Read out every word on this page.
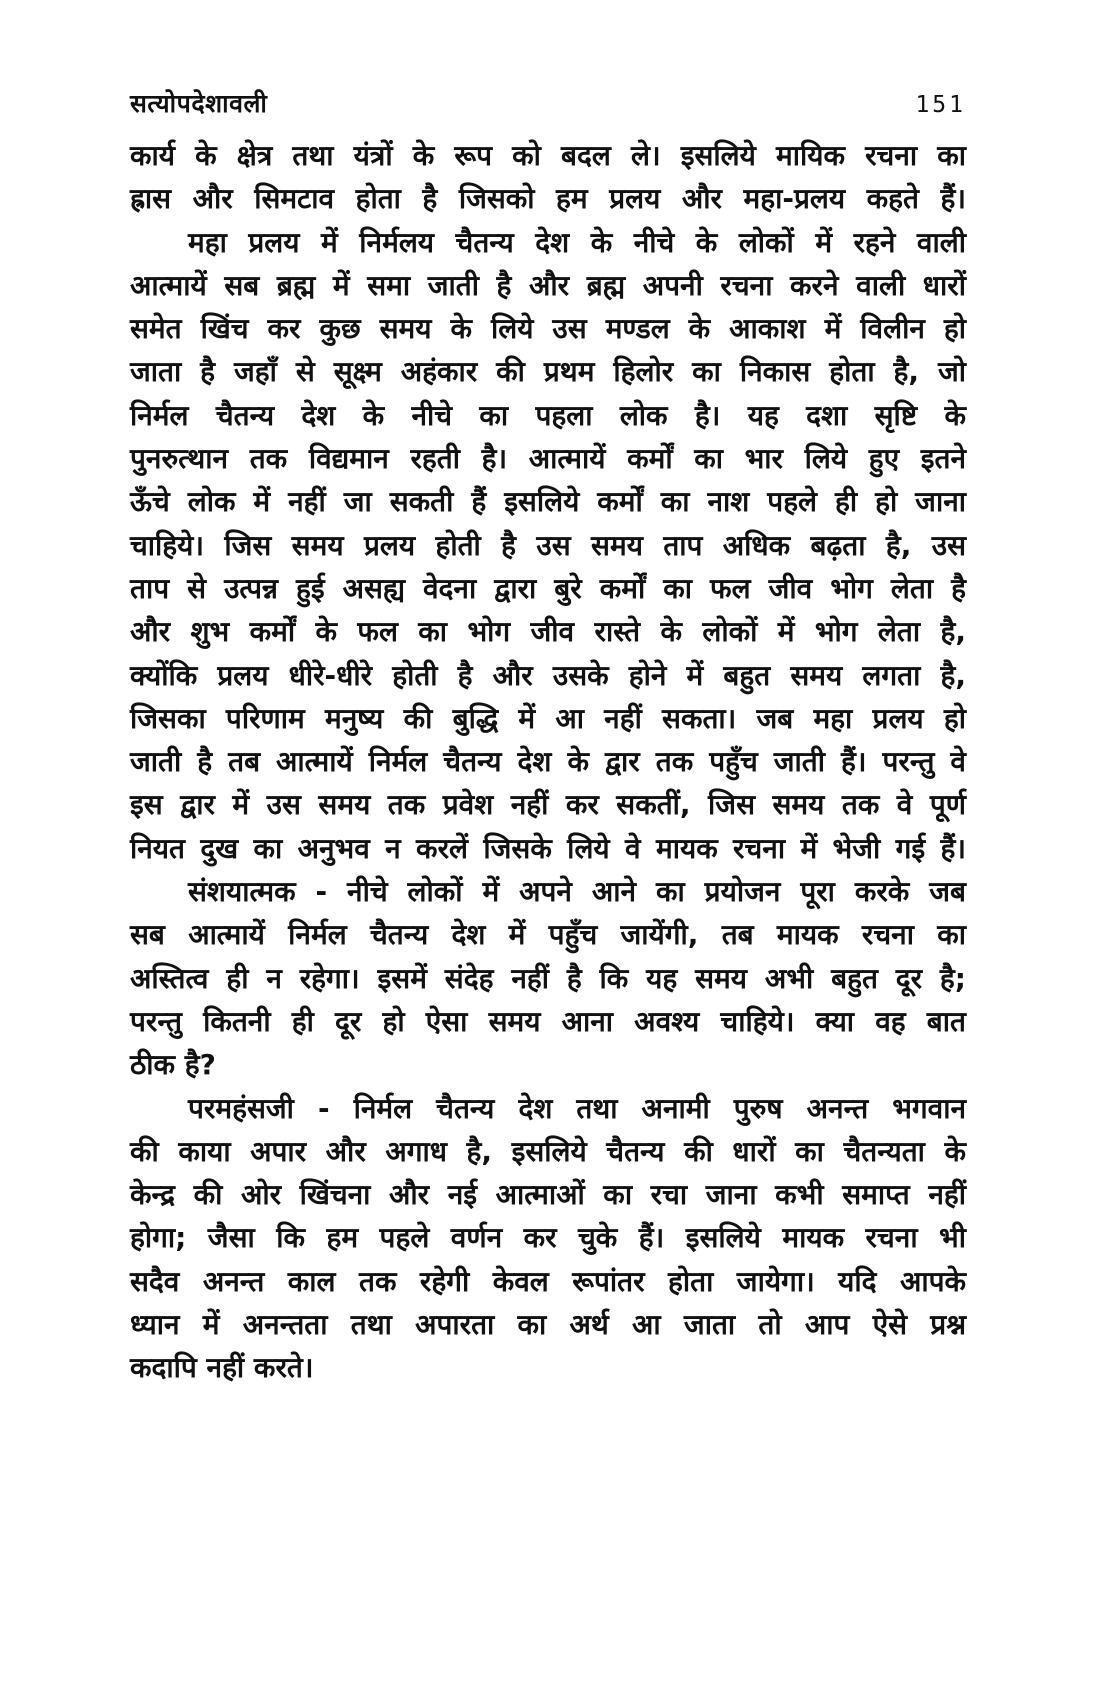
सत्योपदेशावली	151
कार्य के क्षेत्र तथा यंत्रों के रूप को बदल ले। इसलिये मायिक रचना का
ह्रास और सिमटाव होता है जिसको हम प्रलय और महा-प्रलय कहते हैं।
महा प्रलय में निर्मलय चैतन्य देश के नीचे के लोकों में रहने वाली
आत्मायें सब ब्रह्म में समा जाती है और ब्रह्म अपनी रचना करने वाली धारों
समेत खिंच कर कुछ समय के लिये उस मण्डल के आकाश में विलीन हो
जाता है जहाँ से सूक्ष्म अहंकार की प्रथम हिलोर का निकास होता है, जो
निर्मल चैतन्य देश के नीचे का पहला लोक है। यह दशा सृष्टि के
पुनरुत्थान तक विद्यमान रहती है। आत्मायें कर्मों का भार लिये हुए इतने
ऊँचे लोक में नहीं जा सकती हैं इसलिये कर्मों का नाश पहले ही हो जाना
चाहिये। जिस समय प्रलय होती है उस समय ताप अधिक बढ़ता है, उस
ताप से उत्पन्न हुई असह्य वेदना द्वारा बुरे कर्मों का फल जीव भोग लेता है
और शुभ कर्मों के फल का भोग जीव रास्ते के लोकों में भोग लेता है,
क्योंकि प्रलय धीरे-धीरे होती है और उसके होने में बहुत समय लगता है,
जिसका परिणाम मनुष्य की बुद्धि में आ नहीं सकता। जब महा प्रलय हो
जाती है तब आत्मायें निर्मल चैतन्य देश के द्वार तक पहुँच जाती हैं। परन्तु वे
इस द्वार में उस समय तक प्रवेश नहीं कर सकतीं, जिस समय तक वे पूर्ण
नियत दुख का अनुभव न करलें जिसके लिये वे मायक रचना में भेजी गई हैं।
संशयात्मक - नीचे लोकों में अपने आने का प्रयोजन पूरा करके जब
सब आत्मायें निर्मल चैतन्य देश में पहुँच जायेंगी, तब मायक रचना का
अस्तित्व ही न रहेगा। इसमें संदेह नहीं है कि यह समय अभी बहुत दूर है;
परन्तु कितनी ही दूर हो ऐसा समय आना अवश्य चाहिये। क्या वह बात
ठीक है?
परमहंसजी - निर्मल चैतन्य देश तथा अनामी पुरुष अनन्त भगवान
की काया अपार और अगाध है, इसलिये चैतन्य की धारों का चैतन्यता के
केन्द्र की ओर खिंचना और नई आत्माओं का रचा जाना कभी समाप्त नहीं
होगा; जैसा कि हम पहले वर्णन कर चुके हैं। इसलिये मायक रचना भी
सदैव अनन्त काल तक रहेगी केवल रूपांतर होता जायेगा। यदि आपके
ध्यान में अनन्तता तथा अपारता का अर्थ आ जाता तो आप ऐसे प्रश्न
कदापि नहीं करते।
